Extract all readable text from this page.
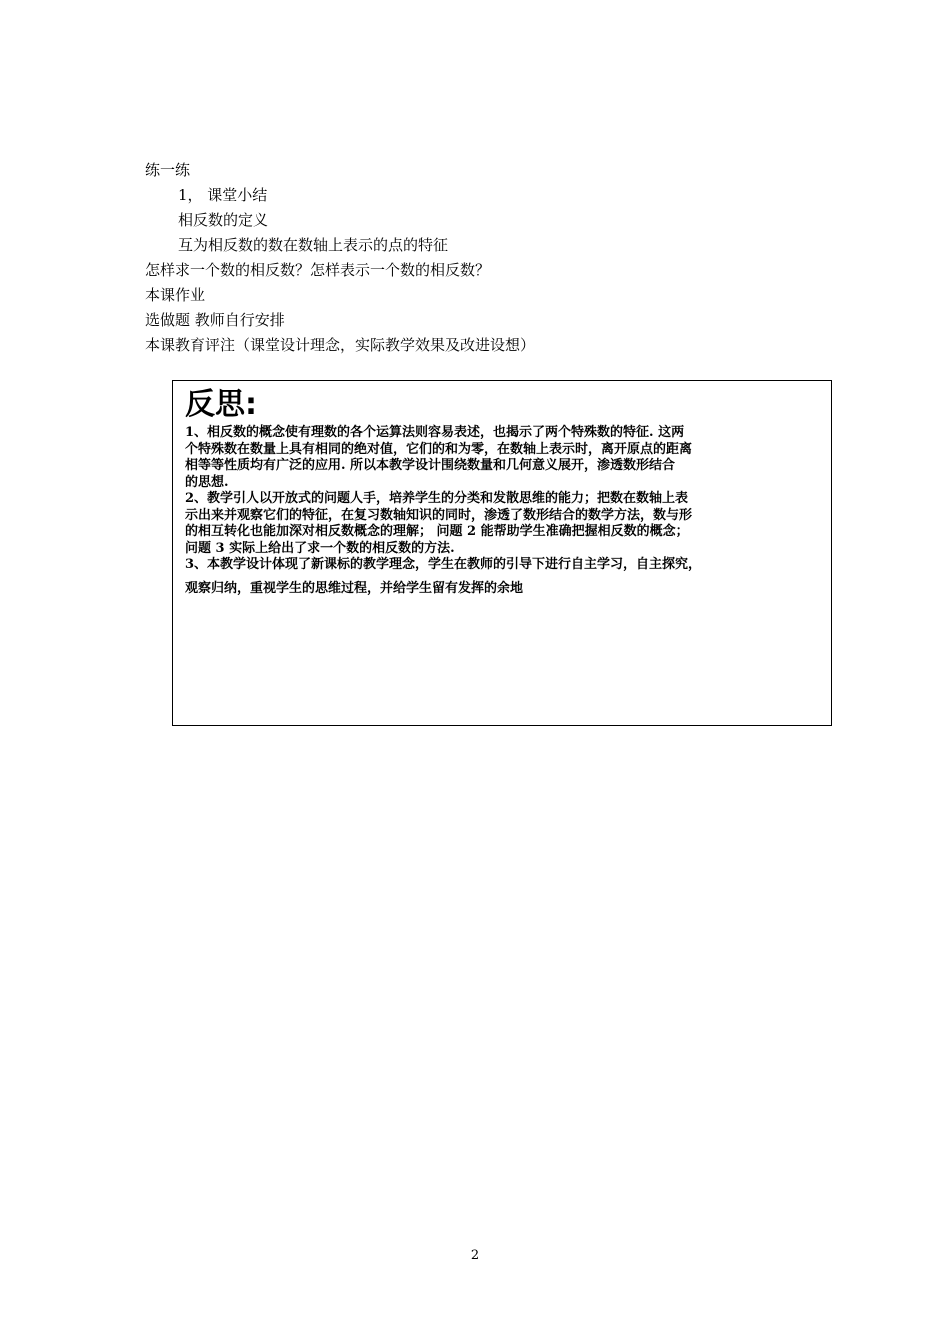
练一练
1， 课堂小结
相反数的定义
互为相反数的数在数轴上表示的点的特征
怎样求一个数的相反数？怎样表示一个数的相反数？
本课作业
选做题 教师自行安排
本课教育评注（课堂设计理念，实际教学效果及改进设想）
反思:

1、相反数的概念使有理数的各个运算法则容易表述，也揭示了两个特殊数的特征. 这两

个特殊数在数量上具有相同的绝对值，它们的和为零，在数轴上表示时，离开原点的距离

相等等性质均有广泛的应用. 所以本教学设计围绕数量和几何意义展开，渗透数形结合

的思想.

2、教学引人以开放式的问题人手，培养学生的分类和发散思维的能力；把数在数轴上表

示出来并观察它们的特征，在复习数轴知识的同时，渗透了数形结合的数学方法，数与形

的相互转化也能加深对相反数概念的理解； 问题 2 能帮助学生准确把握相反数的概念；

问题 3 实际上给出了求一个数的相反数的方法.

3、本教学设计体现了新课标的教学理念，学生在教师的引导下进行自主学习，自主探究，

观察归纳，重视学生的思维过程，并给学生留有发挥的余地

2
